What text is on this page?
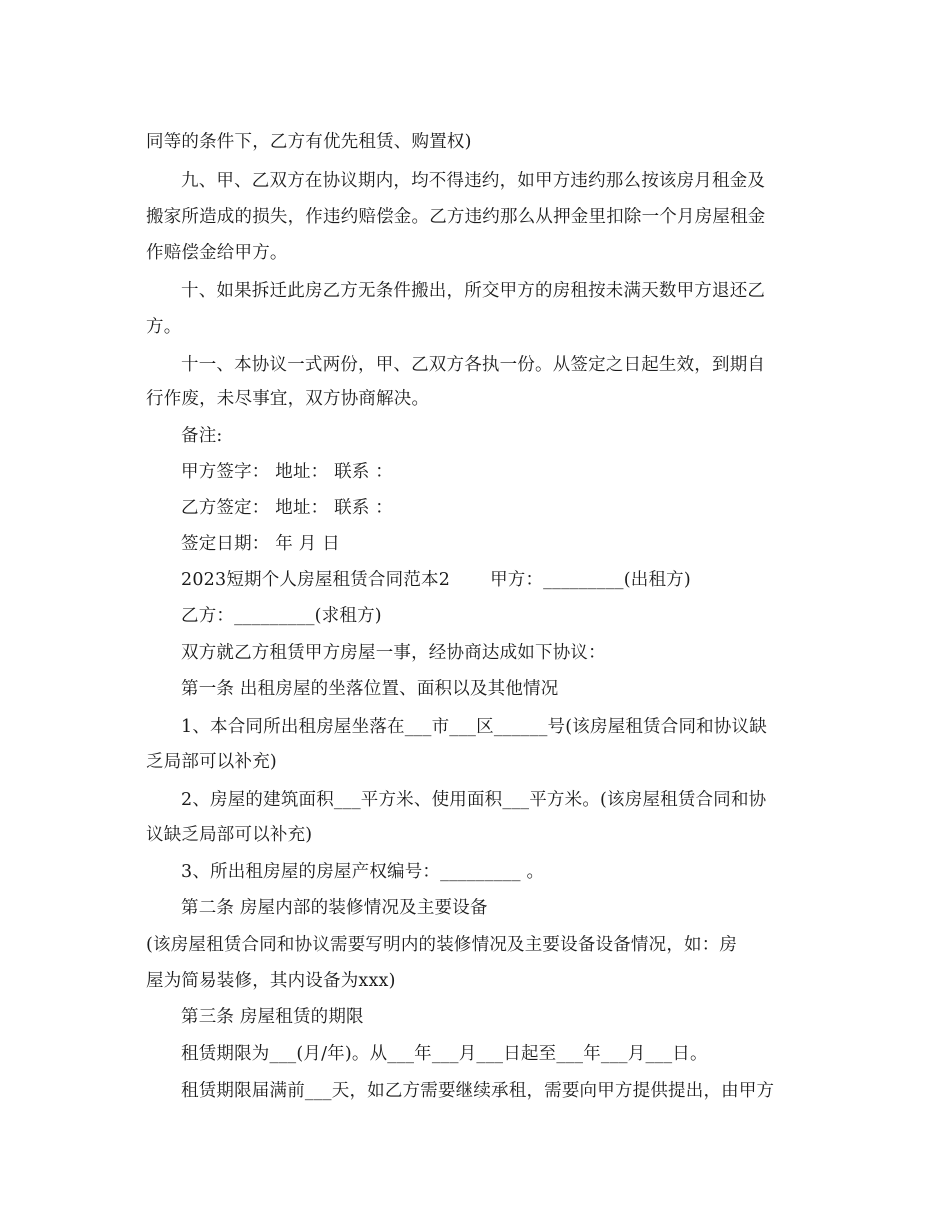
同等的条件下，乙方有优先租赁、购置权)
九、甲、乙双方在协议期内，均不得违约，如甲方违约那么按该房月租金及
搬家所造成的损失，作违约赔偿金。乙方违约那么从押金里扣除一个月房屋租金
作赔偿金给甲方。
十、如果拆迁此房乙方无条件搬出，所交甲方的房租按未满天数甲方退还乙
方。
十一、本协议一式两份，甲、乙双方各执一份。从签定之日起生效，到期自
行作废，未尽事宜，双方协商解决。
备注:
甲方签字： 地址： 联系 ：
乙方签定： 地址： 联系 ：
签定日期： 年 月 日
2023短期个人房屋租赁合同范本2 甲方：_________(出租方)
乙方：_________(求租方)
双方就乙方租赁甲方房屋一事，经协商达成如下协议：
第一条 出租房屋的坐落位置、面积以及其他情况
1、本合同所出租房屋坐落在___市___区______号(该房屋租赁合同和协议缺
乏局部可以补充)
2、房屋的建筑面积___平方米、使用面积___平方米。(该房屋租赁合同和协
议缺乏局部可以补充)
3、所出租房屋的房屋产权编号：_________ 。
第二条 房屋内部的装修情况及主要设备
(该房屋租赁合同和协议需要写明内的装修情况及主要设备设备情况，如：房
屋为简易装修，其内设备为xxx)
第三条 房屋租赁的期限
租赁期限为___(月/年)。从___年___月___日起至___年___月___日。
租赁期限届满前___天，如乙方需要继续承租，需要向甲方提供提出，由甲方
